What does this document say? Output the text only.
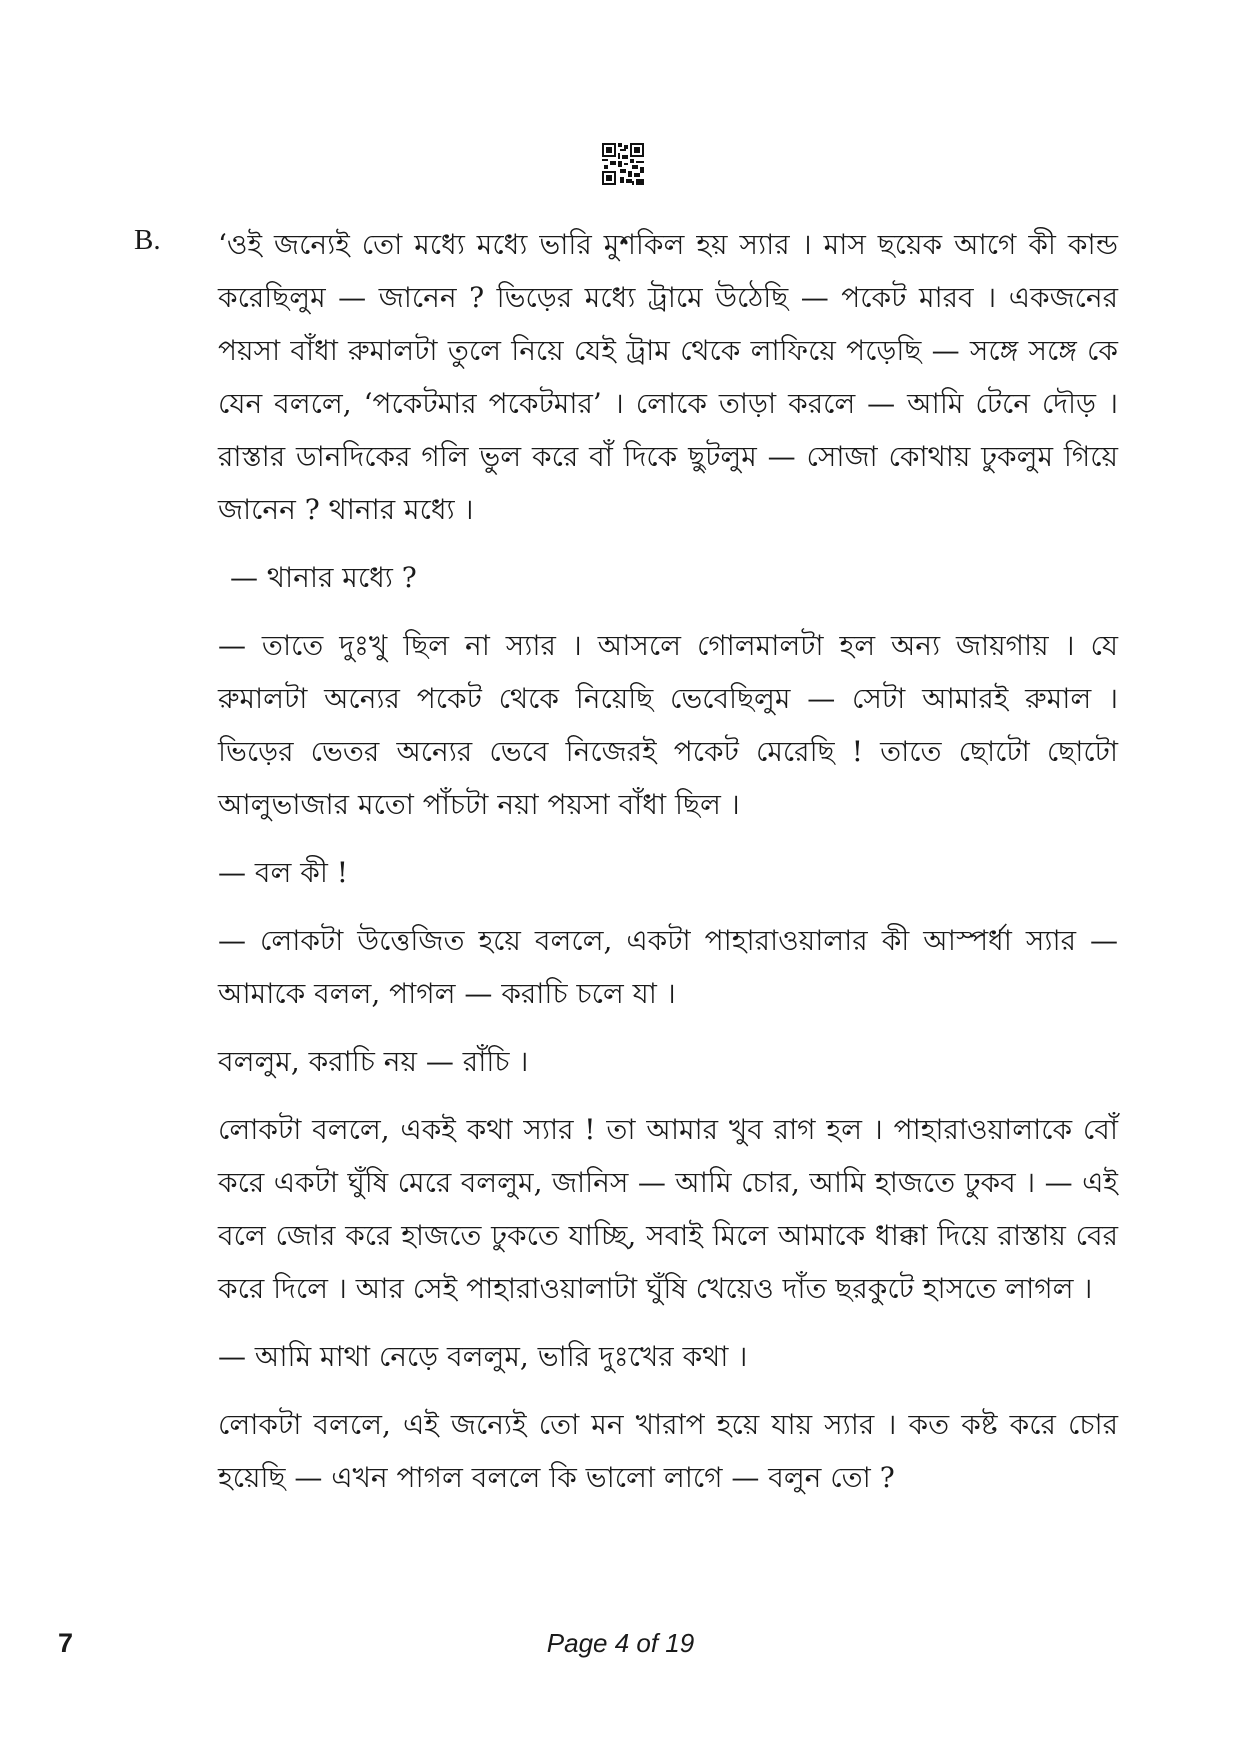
B. ‘ওই জন্যেই তো মধ্যে মধ্যে ভারি মুশকিল হয় স্যার । মাস ছয়েক আগে কী কান্ড করেছিলুম — জানেন ? ভিড়ের মধ্যে ট্রামে উঠেছি — পকেট মারব । একজনের পয়সা বাঁধা রুমালটা তুলে নিয়ে যেই ট্রাম থেকে লাফিয়ে পড়েছি — সঙ্গে সঙ্গে কে যেন বললে, ‘পকেটমার পকেটমার’ । লোকে তাড়া করলে — আমি টেনে দৌড় । রাস্তার ডানদিকের গলি ভুল করে বাঁ দিকে ছুটলুম — সোজা কোথায় ঢুকলুম গিয়ে জানেন ? থানার মধ্যে ।

— থানার মধ্যে ?

— তাতে দুঃখু ছিল না স্যার । আসলে গোলমালটা হল অন্য জায়গায় । যে রুমালটা অন্যের পকেট থেকে নিয়েছি ভেবেছিলুম — সেটা আমারই রুমাল । ভিড়ের ভেতর অন্যের ভেবে নিজেরই পকেট মেরেছি ! তাতে ছোটো ছোটো আলুভাজার মতো পাঁচটা নয়া পয়সা বাঁধা ছিল ।

— বল কী !

— লোকটা উত্তেজিত হয়ে বললে, একটা পাহারাওয়ালার কী আস্পর্ধা স্যার — আমাকে বলল, পাগল — করাচি চলে যা ।

বললুম, করাচি নয় — রাঁচি ।

লোকটা বললে, একই কথা স্যার ! তা আমার খুব রাগ হল । পাহারাওয়ালাকে বোঁ করে একটা ঘুঁষি মেরে বললুম, জানিস — আমি চোর, আমি হাজতে ঢুকব । — এই বলে জোর করে হাজতে ঢুকতে যাচ্ছি, সবাই মিলে আমাকে ধাক্কা দিয়ে রাস্তায় বের করে দিলে । আর সেই পাহারাওয়ালাটা ঘুঁষি খেয়েও দাঁত ছরকুটে হাসতে লাগল ।

— আমি মাথা নেড়ে বললুম, ভারি দুঃখের কথা ।

লোকটা বললে, এই জন্যেই তো মন খারাপ হয়ে যায় স্যার । কত কষ্ট করে চোর হয়েছি — এখন পাগল বললে কি ভালো লাগে — বলুন তো ?

7	Page 4 of 19
